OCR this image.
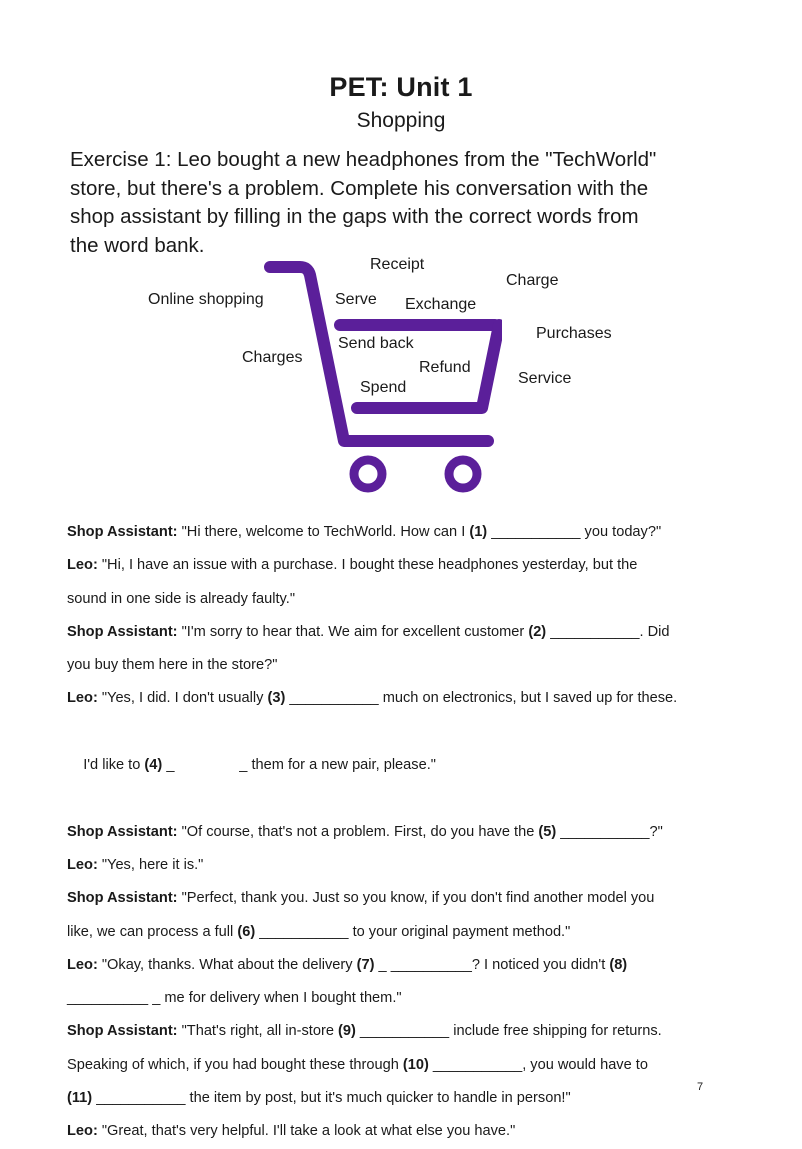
PET: Unit 1
Shopping
Exercise 1: Leo bought a new headphones from the "TechWorld"
store, but there's a problem. Complete his conversation with the
shop assistant by filling in the gaps with the correct words from
the word bank.
Receipt
Charge
Online shopping	Serve Exchange
Purchases
Send back
Charges
Refund
Service
Spend
Shop Assistant: "Hi there, welcome to TechWorld. How can I (1) ___________ you today?"
Leo: "Hi, I have an issue with a purchase. I bought these headphones yesterday, but the
sound in one side is already faulty."
Shop Assistant: "I'm sorry to hear that. We aim for excellent customer (2) ___________. Did
you buy them here in the store?"
Leo: "Yes, I did. I don't usually (3) ___________ much on electronics, but I saved up for these.

I'd like to (4) _                _ them for a new pair, please."

Shop Assistant: "Of course, that's not a problem. First, do you have the (5) ___________?"
Leo: "Yes, here it is."
Shop Assistant: "Perfect, thank you. Just so you know, if you don't find another model you
like, we can process a full (6) ___________ to your original payment method."
Leo: "Okay, thanks. What about the delivery (7) _ __________? I noticed you didn't (8)
__________ _ me for delivery when I bought them."
Shop Assistant: "That's right, all in-store (9) ___________ include free shipping for returns.
Speaking of which, if you had bought these through (10) ___________, you would have to
(11) ___________ the item by post, but it's much quicker to handle in person!"
Leo: "Great, that's very helpful. I'll take a look at what else you have."
7
